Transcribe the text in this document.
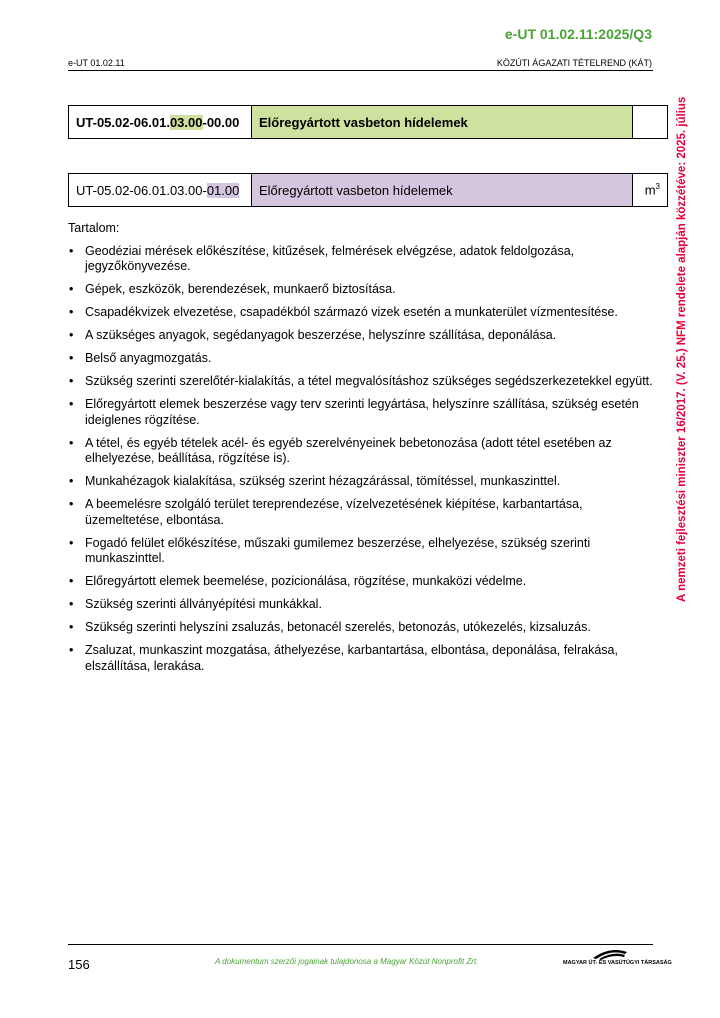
e-UT 01.02.11:2025/Q3
e-UT 01.02.11	KÖZÚTI ÁGAZATI TÉTELREND (KÁT)
A nemzeti fejlesztési miniszter 16/2017. (V. 25.) NFM rendelete alapján közzétéve: 2025. július
UT-05.02-06.01.03.00-00.00	Előregyártott vasbeton hídelemek	
UT-05.02-06.01.03.00-01.00	Előregyártott vasbeton hídelemek	$m^3$
Tartalom:
• Geodéziai mérések előkészítése, kitűzések, felmérések elvégzése, adatok feldolgozása, jegyzőkönyvezése.
• Gépek, eszközök, berendezések, munkaerő biztosítása.
• Csapadékvizek elvezetése, csapadékból származó vizek esetén a munkaterület vízmentesítése.
• A szükséges anyagok, segédanyagok beszerzése, helyszínre szállítása, deponálása.
• Belső anyagmozgatás.
• Szükség szerinti szerelőtér-kialakítás, a tétel megvalósításhoz szükséges segédszerkezetekkel együtt.
• Előregyártott elemek beszerzése vagy terv szerinti legyártása, helyszínre szállítása, szükség esetén ideiglenes rögzítése.
• A tétel, és egyéb tételek acél- és egyéb szerelvényeinek bebetonozása (adott tétel esetében az elhelyezése, beállítása, rögzítése is).
• Munkahézagok kialakítása, szükség szerint hézagzárással, tömítéssel, munkaszinttel.
• A beemelésre szolgáló terület tereprendezése, vízelvezetésének kiépítése, karbantartása, üzemeltetése, elbontása.
• Fogadó felület előkészítése, műszaki gumilemez beszerzése, elhelyezése, szükség szerinti munkaszinttel.
• Előregyártott elemek beemelése, pozicionálása, rögzítése, munkaközi védelme.
• Szükség szerinti állványépítési munkákkal.
• Szükség szerinti helyszíni zsaluzás, betonacél szerelés, betonozás, utókezelés, kizsaluzás.
• Zsaluzat, munkaszint mozgatása, áthelyezése, karbantartása, elbontása, deponálása, felrakása, elszállítása, lerakása.
156	A dokumentum szerzői jogainak tulajdonosa a Magyar Közút Nonprofit Zrt.	MAGYAR ÚT- ÉS VASÚTÜGYI TÁRSASÁG
